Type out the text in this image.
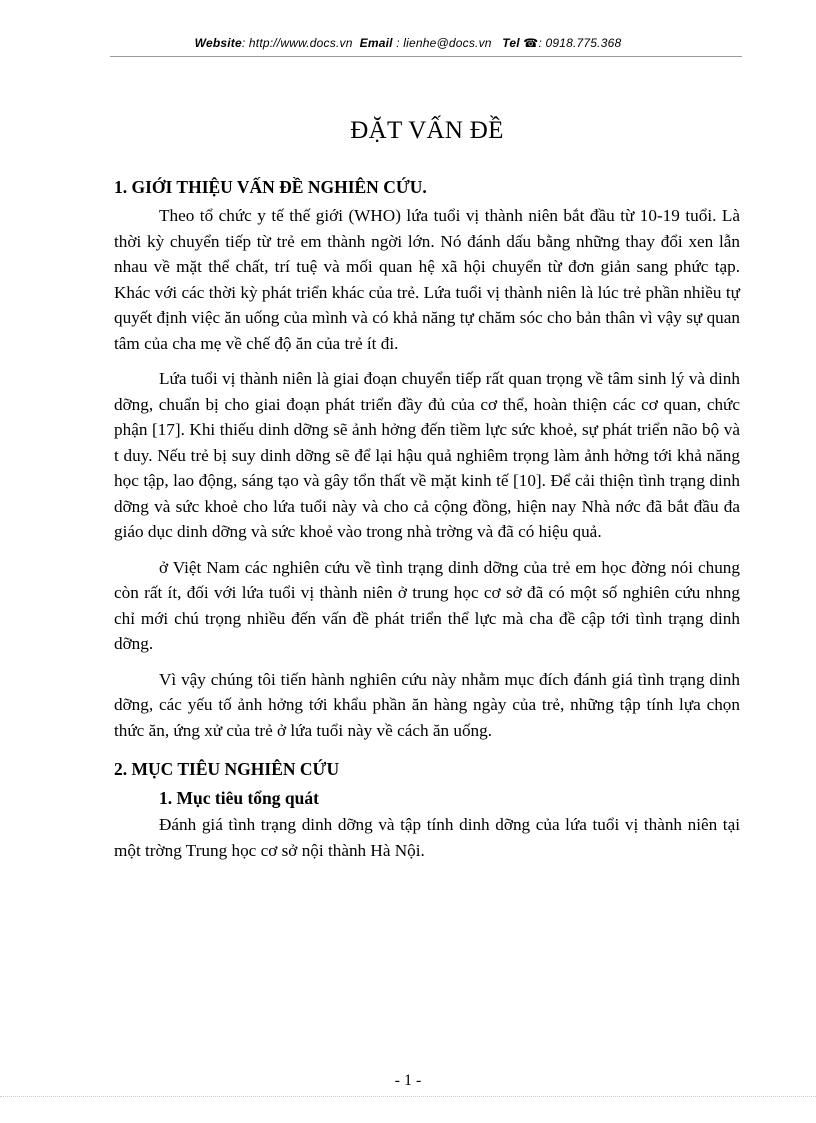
Website: http://www.docs.vn Email : lienhe@docs.vn Tel ☎: 0918.775.368
ĐẶT VẤN ĐỀ
1. GIỚI THIỆU VẤN ĐỀ NGHIÊN CỨU.

Theo tổ chức y tế thế giới (WHO) lứa tuổi vị thành niên bắt đầu từ 10-19 tuổi. Là thời kỳ chuyển tiếp từ trẻ em thành ngời lớn. Nó đánh dấu bằng những thay đổi xen lẫn nhau về mặt thể chất, trí tuệ và mối quan hệ xã hội chuyển từ đơn giản sang phức tạp. Khác với các thời kỳ phát triển khác của trẻ. Lứa tuổi vị thành niên là lúc trẻ phần nhiều tự quyết định việc ăn uống của mình và có khả năng tự chăm sóc cho bản thân vì vậy sự quan tâm của cha mẹ về chế độ ăn của trẻ ít đi.

Lứa tuổi vị thành niên là giai đoạn chuyển tiếp rất quan trọng về tâm sinh lý và dinh dỡng, chuẩn bị cho giai đoạn phát triển đầy đủ của cơ thể, hoàn thiện các cơ quan, chức phận [17]. Khi thiếu dinh dỡng sẽ ảnh hởng đến tiềm lực sức khoẻ, sự phát triển não bộ và t duy. Nếu trẻ bị suy dinh dỡng sẽ để lại hậu quả nghiêm trọng làm ảnh hởng tới khả năng học tập, lao động, sáng tạo và gây tổn thất về mặt kinh tế [10]. Để cải thiện tình trạng dinh dỡng và sức khoẻ cho lứa tuổi này và cho cả cộng đồng, hiện nay Nhà nớc đã bắt đầu đa giáo dục dinh dỡng và sức khoẻ vào trong nhà trờng và đã có hiệu quả.

ở Việt Nam các nghiên cứu về tình trạng dinh dỡng của trẻ em học đờng nói chung còn rất ít, đối với lứa tuổi vị thành niên ở trung học cơ sở đã có một số nghiên cứu nhng chỉ mới chú trọng nhiều đến vấn đề phát triển thể lực mà cha đề cập tới tình trạng dinh dỡng.

Vì vậy chúng tôi tiến hành nghiên cứu này nhằm mục đích đánh giá tình trạng dinh dỡng, các yếu tố ảnh hởng tới khẩu phần ăn hàng ngày của trẻ, những tập tính lựa chọn thức ăn, ứng xử của trẻ ở lứa tuổi này về cách ăn uống.

2. MỤC TIÊU NGHIÊN CỨU
1. Mục tiêu tổng quát

Đánh giá tình trạng dinh dỡng và tập tính dinh dỡng của lứa tuổi vị thành niên tại một trờng Trung học cơ sở nội thành Hà Nội.

- 1 -
